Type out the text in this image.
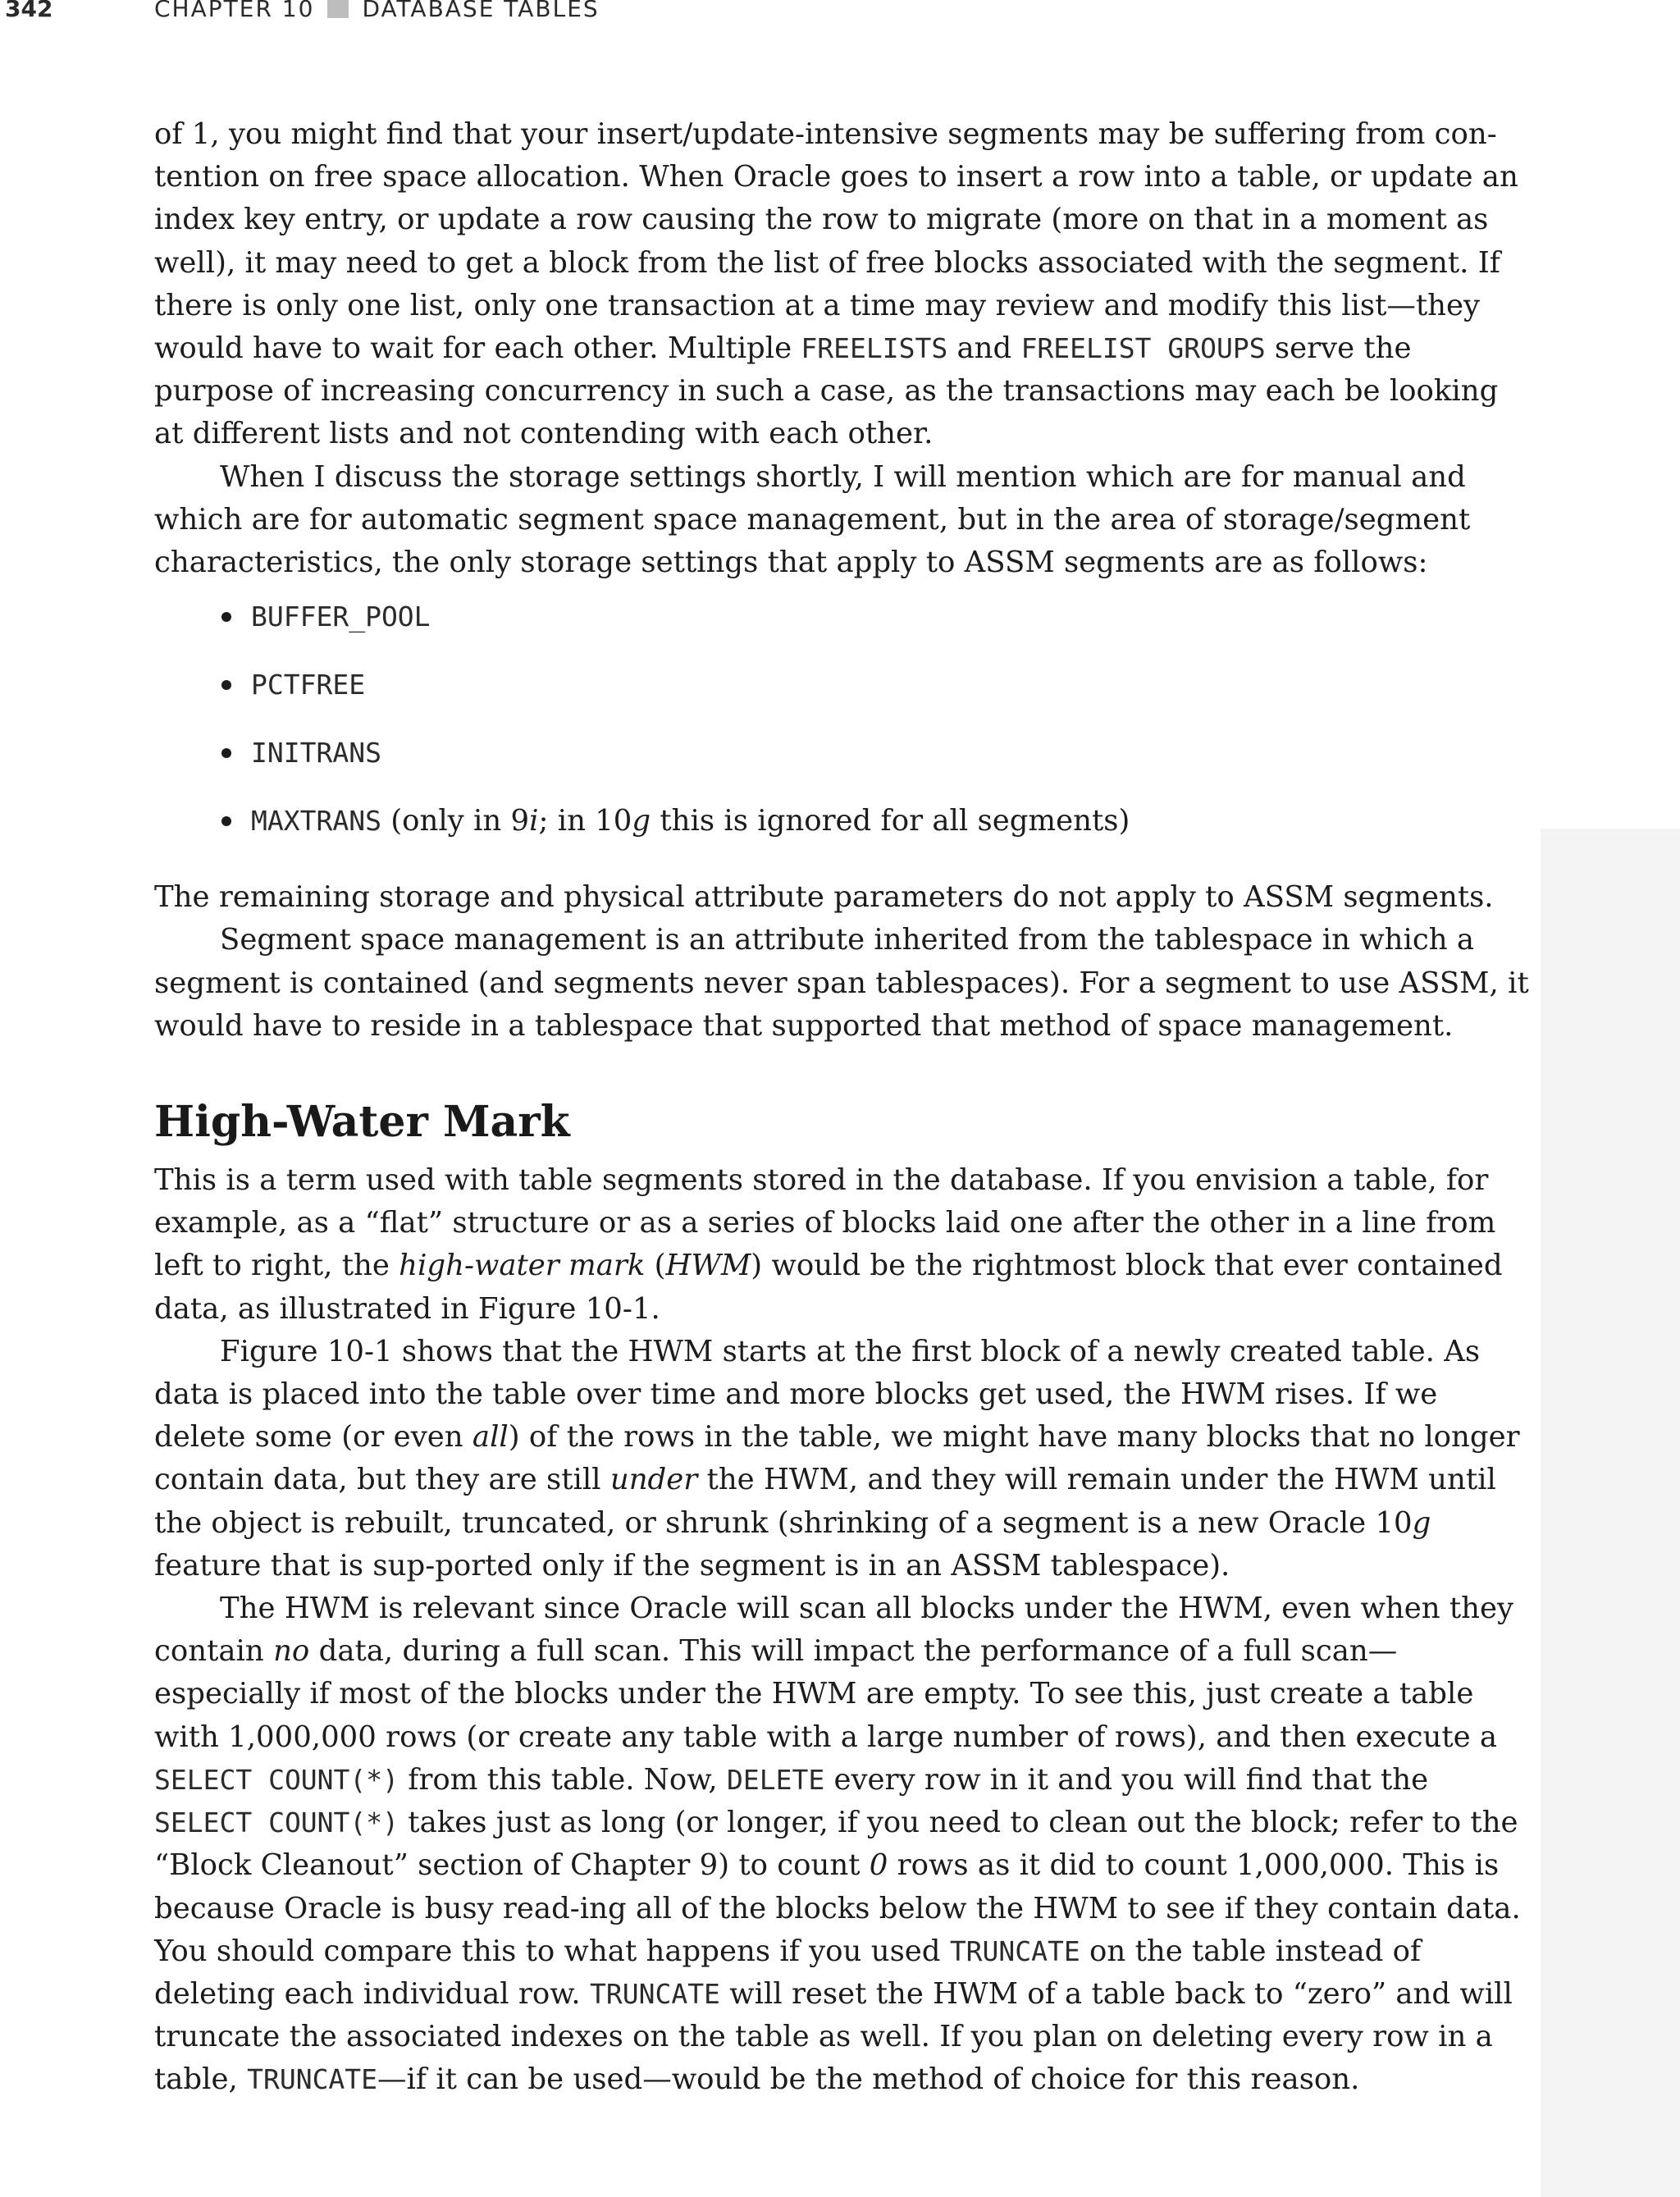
342	CHAPTER 10 DATABASE TABLES

of 1, you might find that your insert/update-intensive segments may be suffering from con-tention on free space allocation. When Oracle goes to insert a row into a table, or update an index key entry, or update a row causing the row to migrate (more on that in a moment as well), it may need to get a block from the list of free blocks associated with the segment. If there is only one list, only one transaction at a time may review and modify this list—they would have to wait for each other. Multiple FREELISTS and FREELIST GROUPS serve the purpose of increasing concurrency in such a case, as the transactions may each be looking at different lists and not contending with each other.

When I discuss the storage settings shortly, I will mention which are for manual and which are for automatic segment space management, but in the area of storage/segment characteristics, the only storage settings that apply to ASSM segments are as follows:

BUFFER_POOL
PCTFREE
INITRANS
MAXTRANS (only in 9i; in 10g this is ignored for all segments)

The remaining storage and physical attribute parameters do not apply to ASSM segments.

Segment space management is an attribute inherited from the tablespace in which a segment is contained (and segments never span tablespaces). For a segment to use ASSM, it would have to reside in a tablespace that supported that method of space management.

High-Water Mark

This is a term used with table segments stored in the database. If you envision a table, for example, as a “flat” structure or as a series of blocks laid one after the other in a line from left to right, the high-water mark (HWM) would be the rightmost block that ever contained data, as illustrated in Figure 10-1.

Figure 10-1 shows that the HWM starts at the first block of a newly created table. As data is placed into the table over time and more blocks get used, the HWM rises. If we delete some (or even all) of the rows in the table, we might have many blocks that no longer contain data, but they are still under the HWM, and they will remain under the HWM until the object is rebuilt, truncated, or shrunk (shrinking of a segment is a new Oracle 10g feature that is sup-ported only if the segment is in an ASSM tablespace).

The HWM is relevant since Oracle will scan all blocks under the HWM, even when they contain no data, during a full scan. This will impact the performance of a full scan—especially if most of the blocks under the HWM are empty. To see this, just create a table with 1,000,000 rows (or create any table with a large number of rows), and then execute a SELECT COUNT(*) from this table. Now, DELETE every row in it and you will find that the SELECT COUNT(*) takes just as long (or longer, if you need to clean out the block; refer to the “Block Cleanout” section of Chapter 9) to count 0 rows as it did to count 1,000,000. This is because Oracle is busy read-ing all of the blocks below the HWM to see if they contain data. You should compare this to what happens if you used TRUNCATE on the table instead of deleting each individual row. TRUNCATE will reset the HWM of a table back to “zero” and will truncate the associated indexes on the table as well. If you plan on deleting every row in a table, TRUNCATE—if it can be used—would be the method of choice for this reason.
